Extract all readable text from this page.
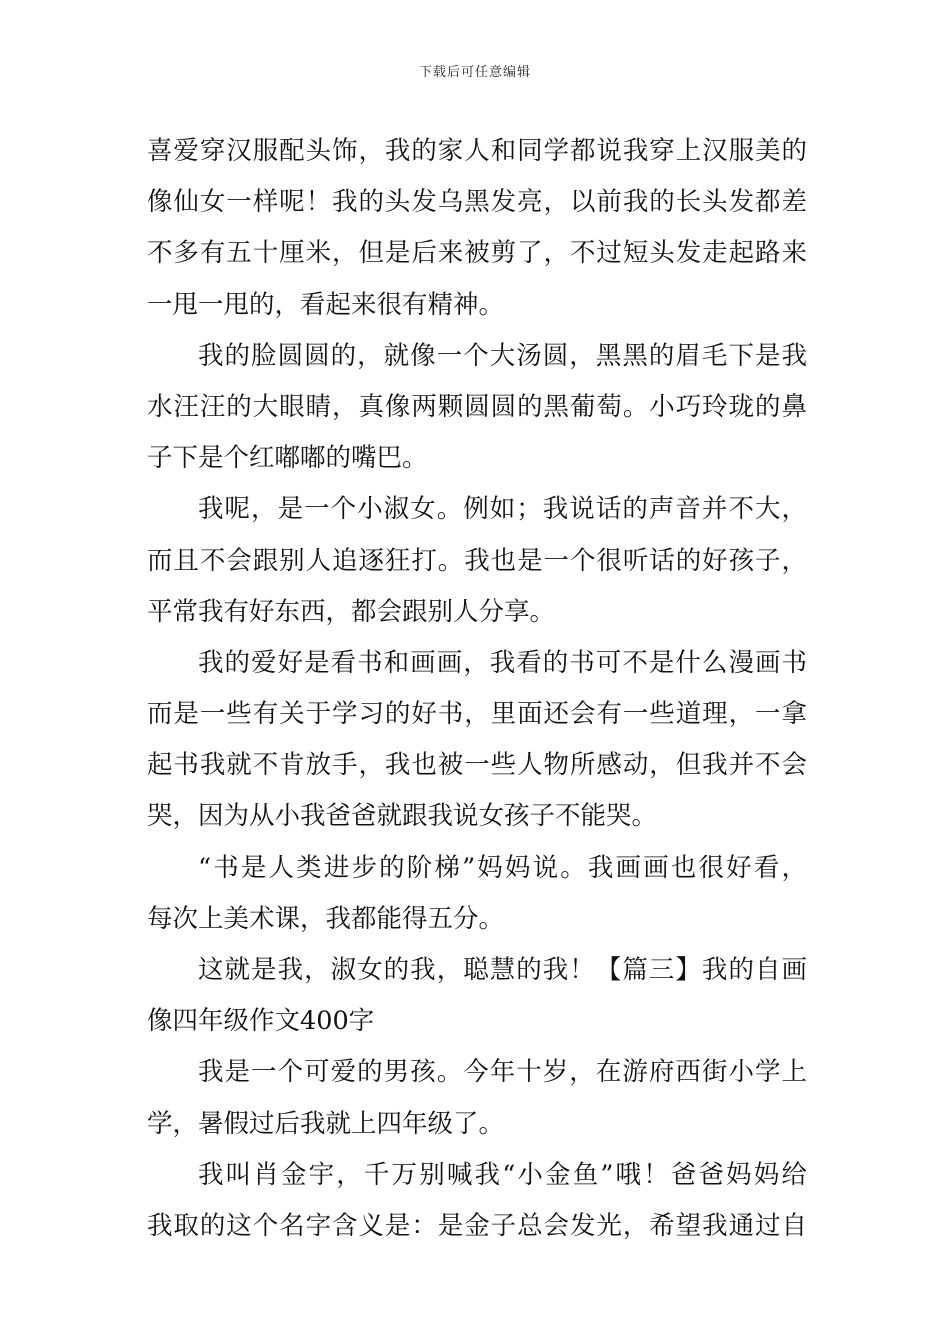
下载后可任意编辑
喜爱穿汉服配头饰，我的家人和同学都说我穿上汉服美的
像仙女一样呢！我的头发乌黑发亮，以前我的长头发都差
不多有五十厘米，但是后来被剪了，不过短头发走起路来
一甩一甩的，看起来很有精神。
我的脸圆圆的，就像一个大汤圆，黑黑的眉毛下是我
水汪汪的大眼睛，真像两颗圆圆的黑葡萄。小巧玲珑的鼻
子下是个红嘟嘟的嘴巴。
我呢，是一个小淑女。例如；我说话的声音并不大，
而且不会跟别人追逐狂打。我也是一个很听话的好孩子，
平常我有好东西，都会跟别人分享。
我的爱好是看书和画画，我看的书可不是什么漫画书
而是一些有关于学习的好书，里面还会有一些道理，一拿
起书我就不肯放手，我也被一些人物所感动，但我并不会
哭，因为从小我爸爸就跟我说女孩子不能哭。
“书是人类进步的阶梯”妈妈说。我画画也很好看，
每次上美术课，我都能得五分。
这就是我，淑女的我，聪慧的我！【篇三】我的自画
像四年级作文400字
我是一个可爱的男孩。今年十岁，在游府西街小学上
学，暑假过后我就上四年级了。
我叫肖金宇，千万别喊我“小金鱼”哦！爸爸妈妈给
我取的这个名字含义是：是金子总会发光，希望我通过自
